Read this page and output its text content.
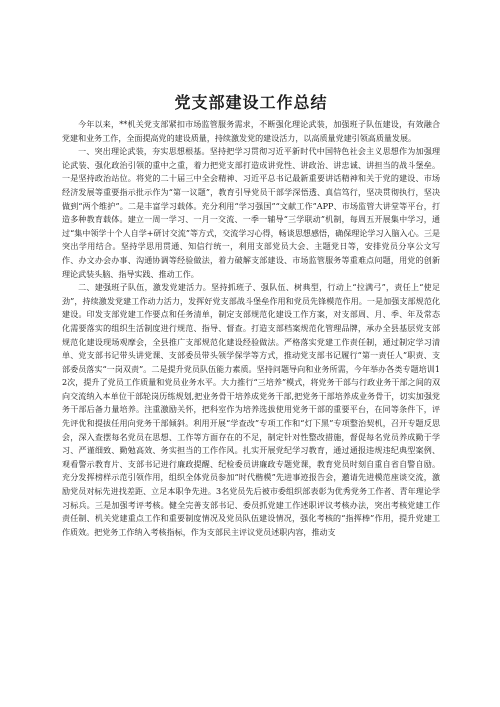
党支部建设工作总结

今年以来，**机关党支部紧扣市场监管服务需求，不断强化理论武装，加强班子队伍建设，有效融合党建和业务工作，全面提高党的建设质量，持续激发党的建设活力，以高质量党建引领高质量发展。

一、突出理论武装，夯实思想根基。坚持把学习贯彻习近平新时代中国特色社会主义思想作为加强理论武装、强化政治引领的重中之重，着力把党支部打造成讲党性、讲政治、讲忠诚、讲担当的战斗堡垒。一是坚持政治站位。将党的二十届三中全会精神、习近平总书记最新重要讲话精神和关于党的建设、市场经济发展等重要指示批示作为“第一议题”，教育引导党员干部学深悟透、真信笃行，坚决贯彻执行，坚决做到“两个维护”。二是丰富学习载体。充分利用“学习强国”“文献工作”APP、市场监管大讲堂等平台，打造多种教育载体。建立一周一学习、一月一交流、一季一辅导“三学联动”机制，每周五开展集中学习，通过“集中领学十个人自学+研讨交流”等方式，交流学习心得，畅谈思想感悟，确保理论学习入脑入心。三是突出学用结合。坚持学思用贯通、知信行统一，利用支部党员大会、主题党日等，安排党员分享公文写作、办文办会办事、沟通协调等经验做法，着力破解支部建设、市场监管服务等重难点问题，用党的创新理论武装头脑、指导实践、推动工作。

二、建强班子队伍，激发党建活力。坚持抓班子、强队伍、树典型，行动上“拉满弓”，责任上“使足劲”，持续激发党建工作动力活力，发挥好党支部战斗堡垒作用和党员先锋模范作用。一是加强支部规范化建设。印发支部党建工作要点和任务清单，制定支部规范化建设工作方案，对支部周、月、季、年及常态化需要落实的组织生活制度进行规范、指导、督查。打造支部档案规范化管理品牌，承办全县基层党支部规范化建设现场观摩会，全县推广支部规范化建设经验做法。严格落实党建工作责任制，通过制定学习清单、党支部书记带头讲党课、支部委员带头领学保学等方式，推动党支部书记履行“第一责任人”职责、支部委员落实“一岗双责”。二是提升党员队伍能力素质。坚持问题导向和业务所需，今年举办各类专题培训12次，提升了党员工作质量和党员业务水平。大力推行“三培养”模式，将党务干部与行政业务干部之间的双向交流纳入本单位干部轮岗历练规划,把业务骨干培养成党务干部,把党务干部培养成业务骨干，切实加强党务干部后备力量培养。注重激励关怀，把科室作为培养选拔使用党务干部的重要平台，在同等条件下，评先评优和提拔任用向党务干部倾斜。利用开展“学查改”专项工作和“灯下黑”专项整治契机，召开专题反思会，深入查摆每名党员在思想、工作等方面存在的不足，制定针对性整改措施，督促每名党员养成勤于学习、严谨细致、勤勉高效、务实担当的工作作风。扎实开展党纪学习教育，通过通报违规违纪典型案例、观看警示教育片、支部书记进行廉政提醒、纪检委员讲廉政专题党课，教育党员时刻自重自省自警自励。充分发挥榜样示范引领作用，组织全体党员参加“时代楷模”先进事迹报告会，邀请先进模范座谈交流，激励党员对标先进找差距、立足本职争先进。3名党员先后被市委组织部表彰为优秀党务工作者、青年理论学习标兵。三是加强考评考核。健全完善支部书记、委员抓党建工作述职评议考核办法，突出考核党建工作责任制、机关党建重点工作和重要制度情况及党员队伍建设情况，强化考核的“指挥棒”作用，提升党建工作质效。把党务工作纳入考核指标，作为支部民主评议党员述职内容，推动支
